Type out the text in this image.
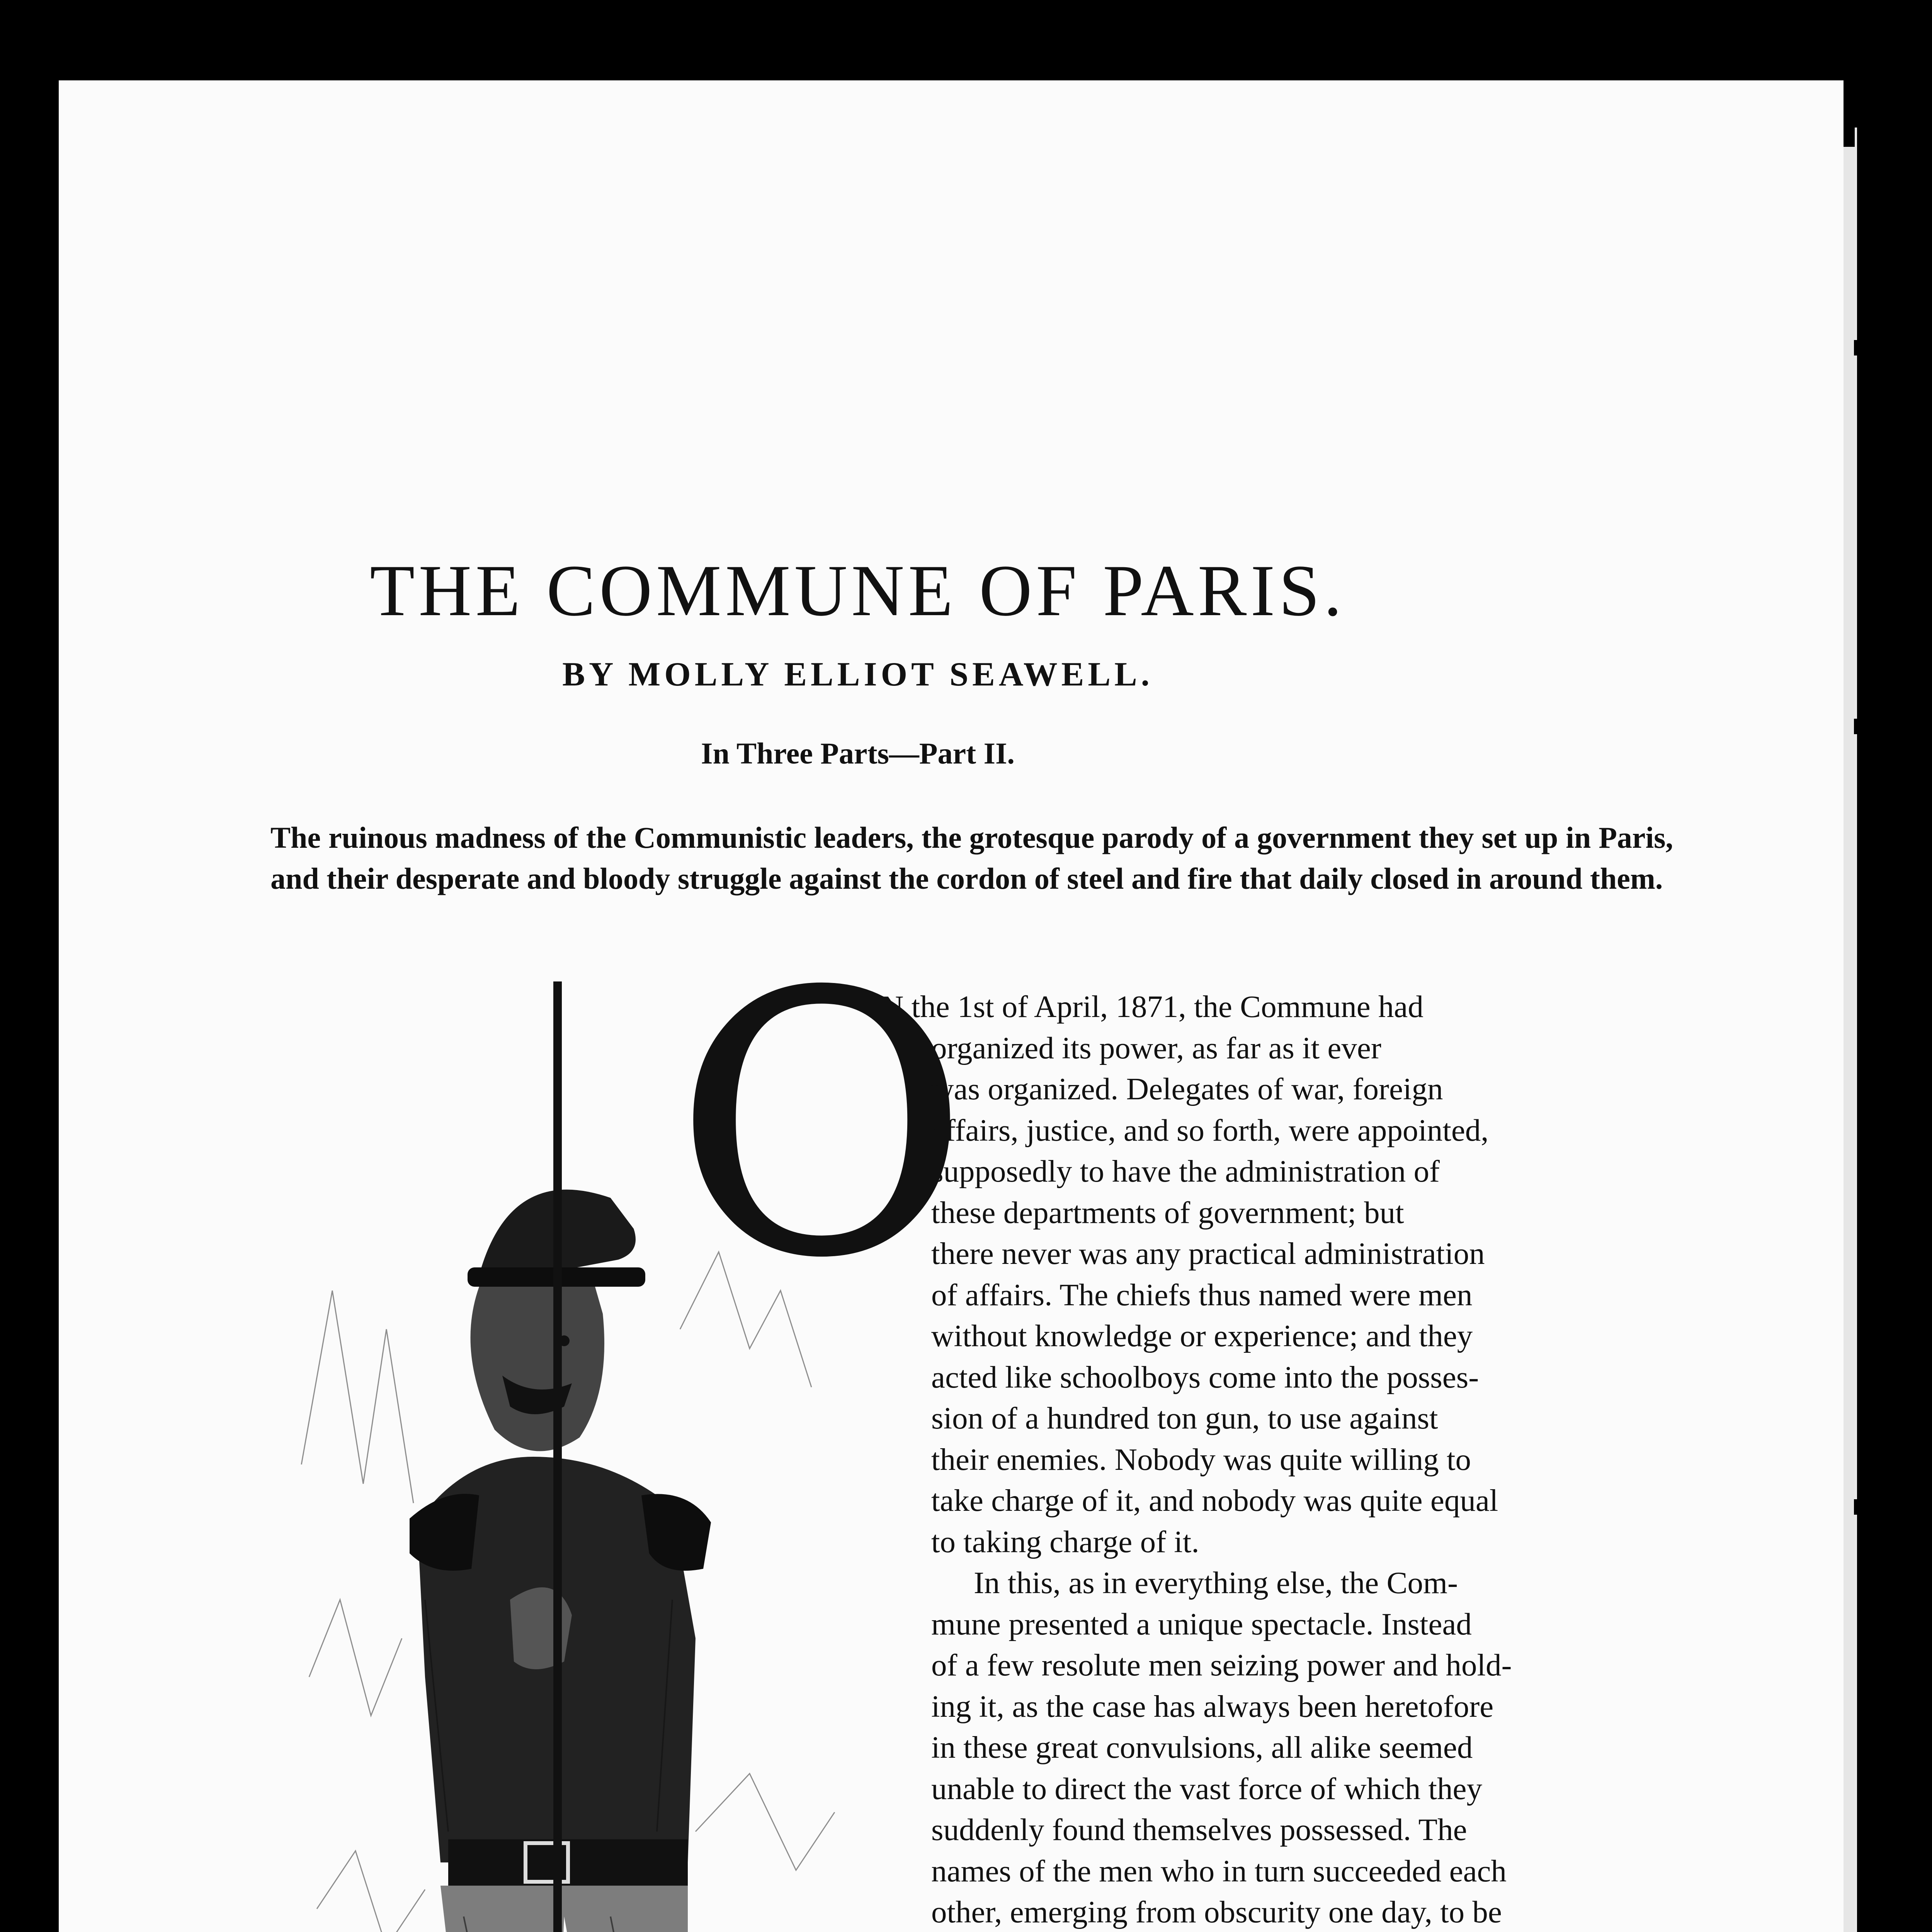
THE COMMUNE OF PARIS.
BY MOLLY ELLIOT SEAWELL.
In Three Parts—Part II.
The ruinous madness of the Communistic leaders, the grotesque parody of a government they set up in Paris, and their desperate and bloody struggle against the cordon of steel and fire that daily closed in around them.
O

N the 1st of April, 1871, the Commune had

organized its power, as far as it ever

was organized. Delegates of war, foreign

affairs, justice, and so forth, were appointed,

supposedly to have the administration of

these departments of government; but

there never was any practical administration

of affairs. The chiefs thus named were men

without knowledge or experience; and they

acted like schoolboys come into the posses-

sion of a hundred ton gun, to use against

their enemies. Nobody was quite willing to

take charge of it, and nobody was quite equal

to taking charge of it.

In this, as in everything else, the Com-

mune presented a unique spectacle. Instead

of a few resolute men seizing power and hold-

ing it, as the case has always been heretofore

in these great convulsions, all alike seemed

unable to direct the vast force of which they

suddenly found themselves possessed. The

names of the men who in turn succeeded each

other, emerging from obscurity one day, to be
